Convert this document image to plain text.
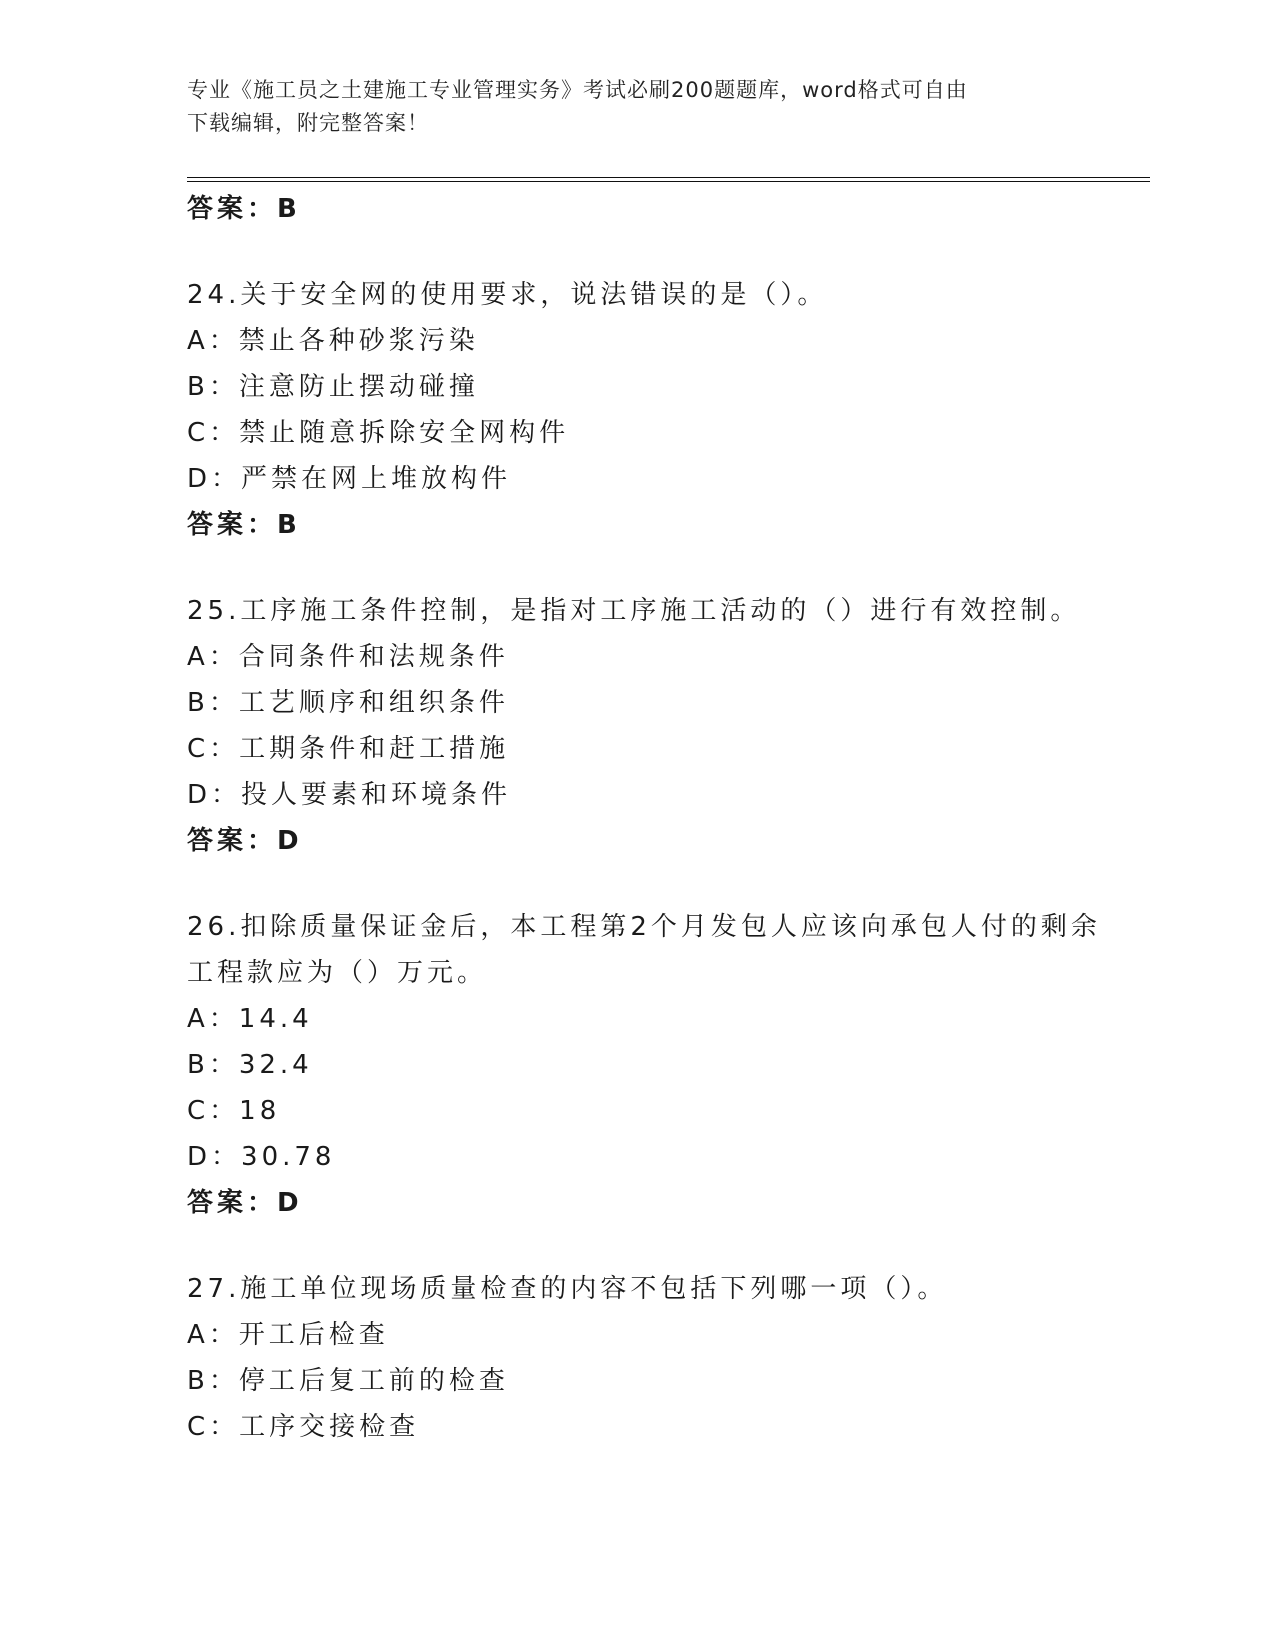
专业《施工员之土建施工专业管理实务》考试必刷200题题库，word格式可自由
下载编辑，附完整答案！
答案：B
24.关于安全网的使用要求，说法错误的是（）。
A：禁止各种砂浆污染
B：注意防止摆动碰撞
C：禁止随意拆除安全网构件
D：严禁在网上堆放构件
答案：B
25.工序施工条件控制，是指对工序施工活动的（）进行有效控制。
A：合同条件和法规条件
B：工艺顺序和组织条件
C：工期条件和赶工措施
D：投人要素和环境条件
答案：D
26.扣除质量保证金后，本工程第2个月发包人应该向承包人付的剩余
工程款应为（）万元。
A：14.4
B：32.4
C：18
D：30.78
答案：D
27.施工单位现场质量检查的内容不包括下列哪一项（）。
A：开工后检查
B：停工后复工前的检查
C：工序交接检查
